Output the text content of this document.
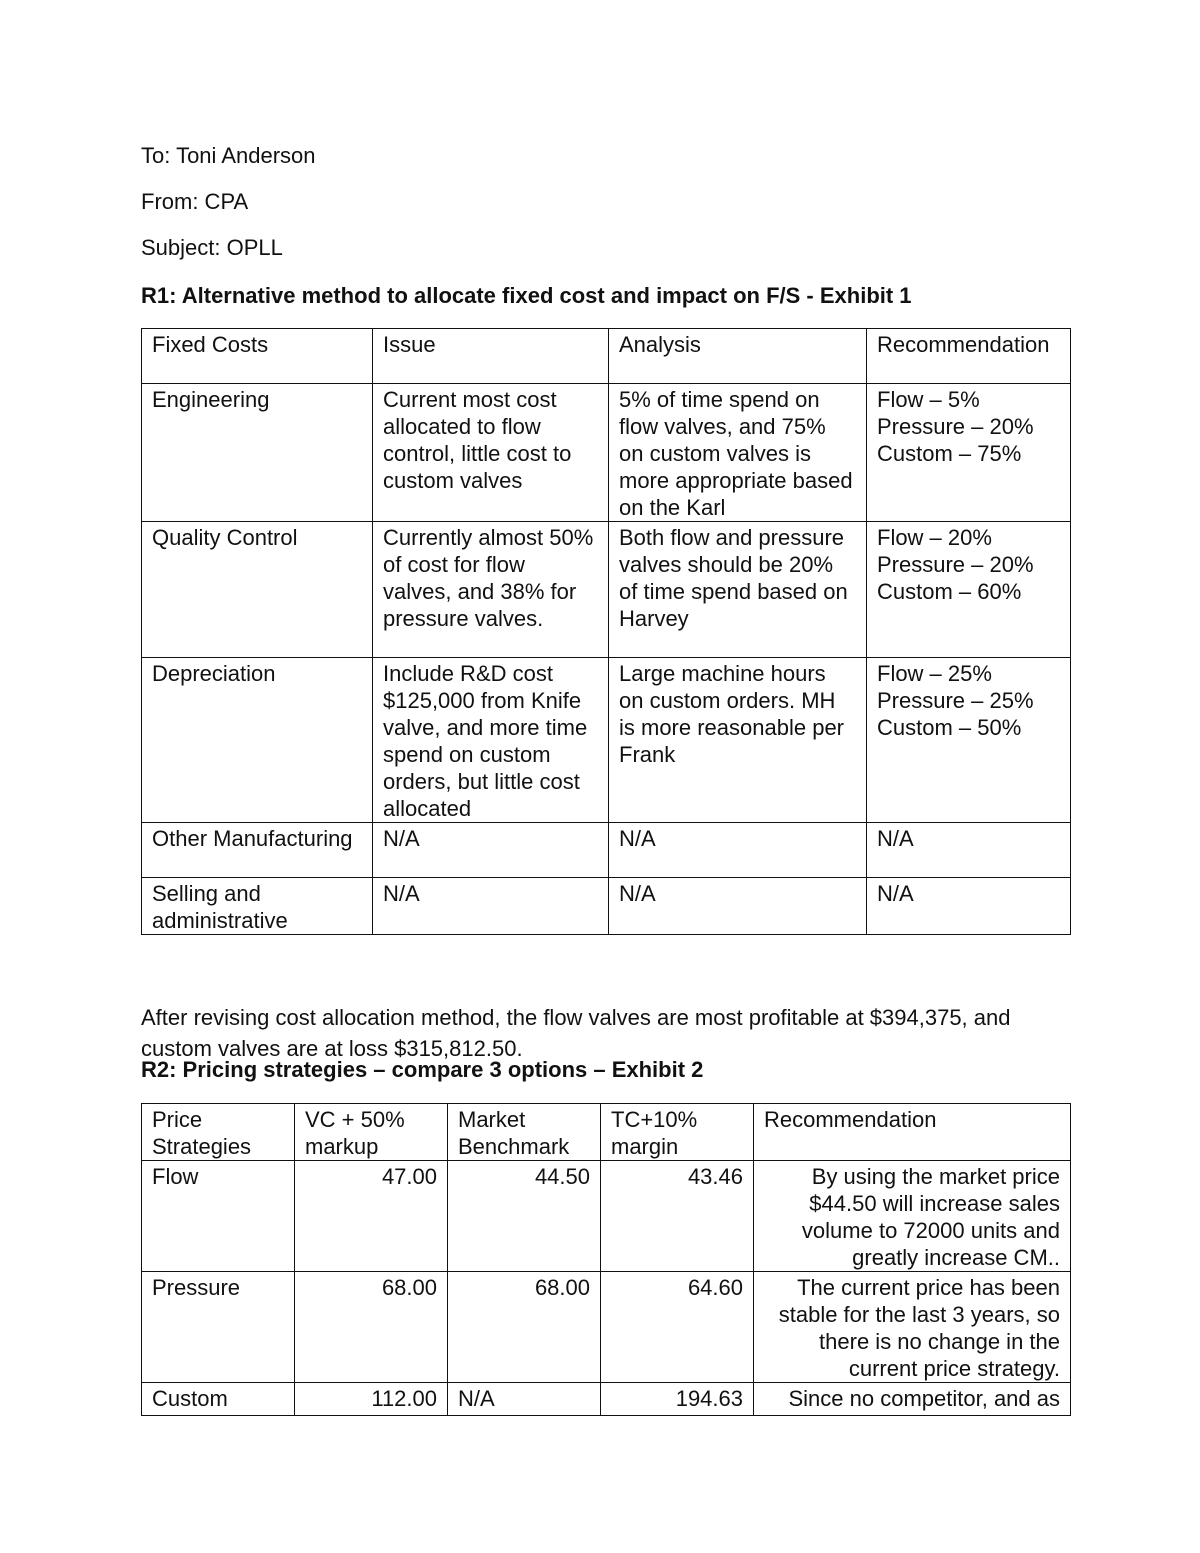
To: Toni Anderson

From: CPA

Subject: OPLL

R1: Alternative method to allocate fixed cost and impact on F/S - Exhibit 1

Fixed Costs	Issue	Analysis	Recommendation
Engineering	Current most cost allocated to flow control, little cost to custom valves	5% of time spend on flow valves, and 75% on custom valves is more appropriate based on the Karl	Flow – 5%
Pressure – 20%
Custom – 75%

Quality Control	Currently almost 50% of cost for flow valves, and 38% for pressure valves.	Both flow and pressure valves should be 20% of time spend based on Harvey	Flow – 20%
Pressure – 20%
Custom – 60%

Depreciation	Include R&D cost $125,000 from Knife valve, and more time spend on custom orders, but little cost allocated	Large machine hours on custom orders. MH is more reasonable per Frank	Flow – 25%
Pressure – 25%
Custom – 50%

Other Manufacturing	N/A	N/A	N/A

Selling and administrative	N/A	N/A	N/A

After revising cost allocation method, the flow valves are most profitable at $394,375, and custom valves are at loss $315,812.50.

R2: Pricing strategies – compare 3 options – Exhibit 2

Price Strategies	VC + 50% markup	Market Benchmark	TC+10% margin	Recommendation
Flow	47.00	44.50	43.46	By using the market price $44.50 will increase sales volume to 72000 units and greatly increase CM..
Pressure	68.00	68.00	64.60	The current price has been stable for the last 3 years, so there is no change in the current price strategy.
Custom	112.00	N/A	194.63	Since no competitor, and as
